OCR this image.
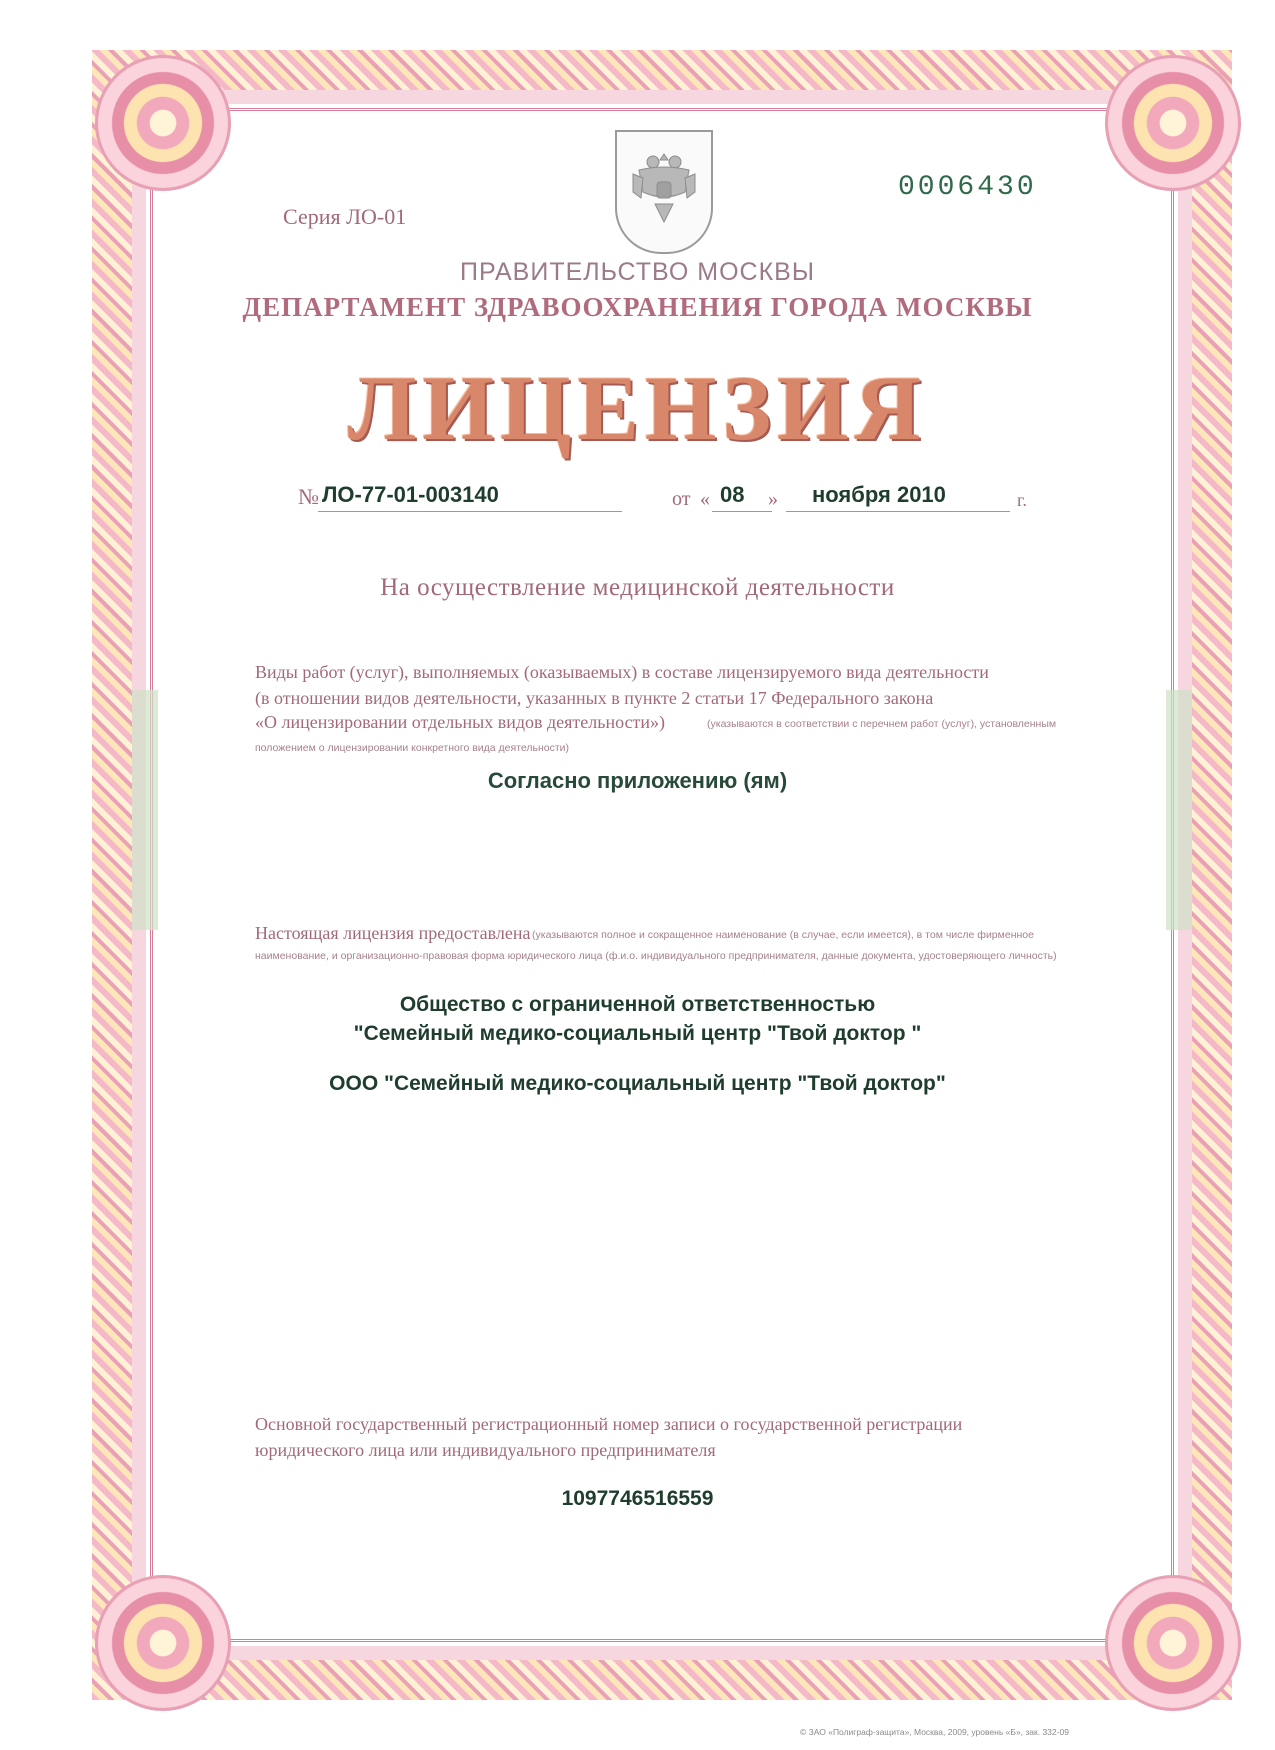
Серия ЛО-01
0006430
ПРАВИТЕЛЬСТВО МОСКВЫ
ДЕПАРТАМЕНТ ЗДРАВООХРАНЕНИЯ ГОРОДА МОСКВЫ
ЛИЦЕНЗИЯ
№ ЛО-77-01-003140	от « 08 » ноября 2010	г.
На осуществление медицинской деятельности
Виды работ (услуг), выполняемых (оказываемых) в составе лицензируемого вида деятельности
(в отношении видов деятельности, указанных в пункте 2 статьи 17 Федерального закона
«О лицензировании отдельных видов деятельности»)	(указываются в соответствии с перечнем работ (услуг), установленным
положением о лицензировании конкретного вида деятельности)
Согласно приложению (ям)
Настоящая лицензия предоставлена (указываются полное и сокращенное наименование (в случае, если имеется), в том числе фирменное
наименование, и организационно-правовая форма юридического лица (ф.и.о. индивидуального предпринимателя, данные документа, удостоверяющего личность)
Общество с ограниченной ответственностью
"Семейный медико-социальный центр "Твой доктор "
ООО "Семейный медико-социальный центр "Твой доктор"
Основной государственный регистрационный номер записи о государственной регистрации
юридического лица или индивидуального предпринимателя
1097746516559
© ЗАО «Полиграф-защита», Москва, 2009, уровень «Б», зак. 332-09
